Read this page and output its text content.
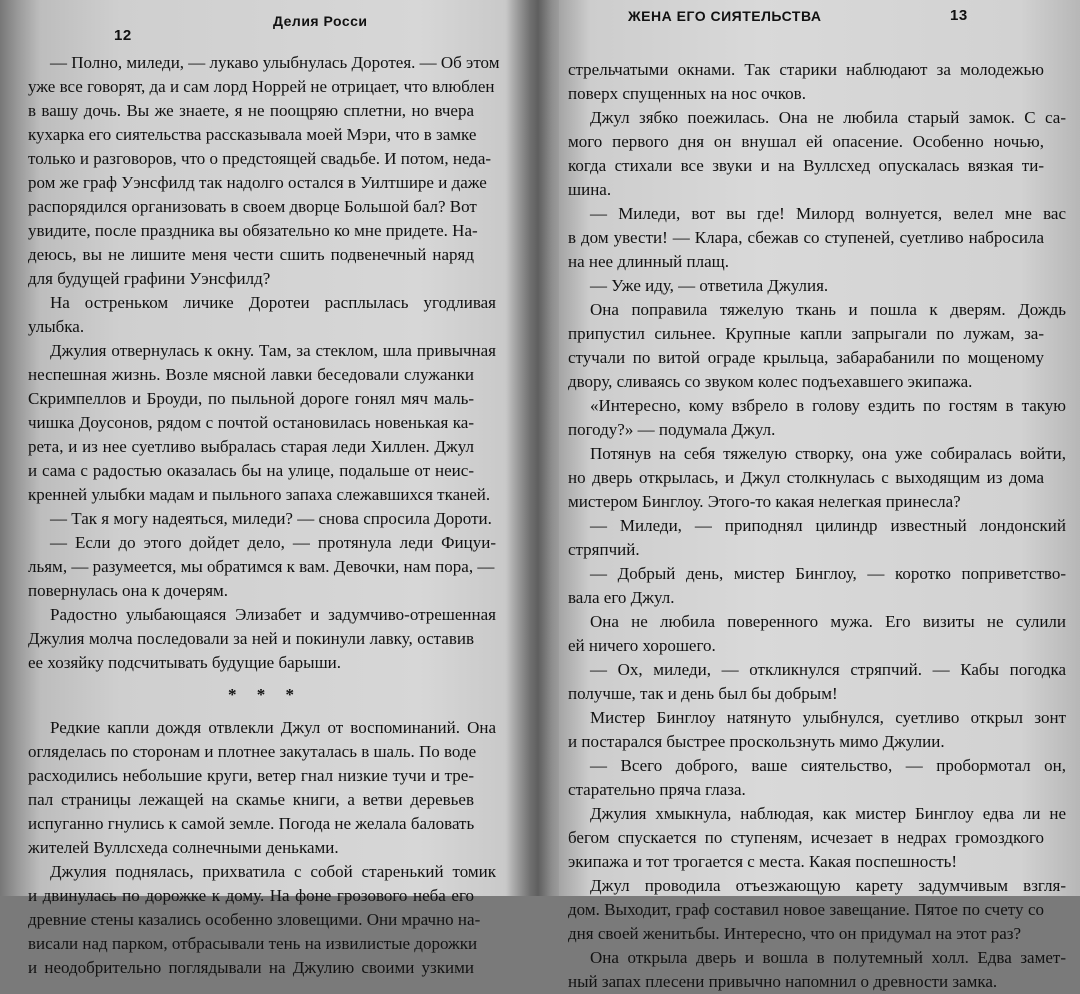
12
Делия Росси
— Полно, миледи, — лукаво улыбнулась Доротея. — Об этом
уже все говорят, да и сам лорд Норрей не отрицает, что влюблен
в вашу дочь. Вы же знаете, я не поощряю сплетни, но вчера
кухарка его сиятельства рассказывала моей Мэри, что в замке
только и разговоров, что о предстоящей свадьбе. И потом, неда-
ром же граф Уэнсфилд так надолго остался в Уилтшире и даже
распорядился организовать в своем дворце Большой бал? Вот
увидите, после праздника вы обязательно ко мне придете. На-
деюсь, вы не лишите меня чести сшить подвенечный наряд
для будущей графини Уэнсфилд?
На остреньком личике Доротеи расплылась угодливая
улыбка.
Джулия отвернулась к окну. Там, за стеклом, шла привычная
неспешная жизнь. Возле мясной лавки беседовали служанки
Скримпеллов и Броуди, по пыльной дороге гонял мяч маль-
чишка Доусонов, рядом с почтой остановилась новенькая ка-
рета, и из нее суетливо выбралась старая леди Хиллен. Джул
и сама с радостью оказалась бы на улице, подальше от неис-
кренней улыбки мадам и пыльного запаха слежавшихся тканей.
— Так я могу надеяться, миледи? — снова спросила Дороти.
— Если до этого дойдет дело, — протянула леди Фицуи-
льям, — разумеется, мы обратимся к вам. Девочки, нам пора, —
повернулась она к дочерям.
Радостно улыбающаяся Элизабет и задумчиво-отрешенная
Джулия молча последовали за ней и покинули лавку, оставив
ее хозяйку подсчитывать будущие барыши.
* * *
Редкие капли дождя отвлекли Джул от воспоминаний. Она
огляделась по сторонам и плотнее закуталась в шаль. По воде
расходились небольшие круги, ветер гнал низкие тучи и тре-
пал страницы лежащей на скамье книги, а ветви деревьев
испуганно гнулись к самой земле. Погода не желала баловать
жителей Вуллсхеда солнечными деньками.
Джулия поднялась, прихватила с собой старенький томик
и двинулась по дорожке к дому. На фоне грозового неба его
древние стены казались особенно зловещими. Они мрачно на-
висали над парком, отбрасывали тень на извилистые дорожки
и неодобрительно поглядывали на Джулию своими узкими
ЖЕНА ЕГО СИЯТЕЛЬСТВА	13
стрельчатыми окнами. Так старики наблюдают за молодежью
поверх спущенных на нос очков.
Джул зябко поежилась. Она не любила старый замок. С са-
мого первого дня он внушал ей опасение. Особенно ночью,
когда стихали все звуки и на Вуллсхед опускалась вязкая ти-
шина.
— Миледи, вот вы где! Милорд волнуется, велел мне вас
в дом увести! — Клара, сбежав со ступеней, суетливо набросила
на нее длинный плащ.
— Уже иду, — ответила Джулия.
Она поправила тяжелую ткань и пошла к дверям. Дождь
припустил сильнее. Крупные капли запрыгали по лужам, за-
стучали по витой ограде крыльца, забарабанили по мощеному
двору, сливаясь со звуком колес подъехавшего экипажа.
«Интересно, кому взбрело в голову ездить по гостям в такую
погоду?» — подумала Джул.
Потянув на себя тяжелую створку, она уже собиралась войти,
но дверь открылась, и Джул столкнулась с выходящим из дома
мистером Бинглоу. Этого-то какая нелегкая принесла?
— Миледи, — приподнял цилиндр известный лондонский
стряпчий.
— Добрый день, мистер Бинглоу, — коротко поприветство-
вала его Джул.
Она не любила поверенного мужа. Его визиты не сулили
ей ничего хорошего.
— Ох, миледи, — откликнулся стряпчий. — Кабы погодка
получше, так и день был бы добрым!
Мистер Бинглоу натянуто улыбнулся, суетливо открыл зонт
и постарался быстрее проскользнуть мимо Джулии.
— Всего доброго, ваше сиятельство, — пробормотал он,
старательно пряча глаза.
Джулия хмыкнула, наблюдая, как мистер Бинглоу едва ли не
бегом спускается по ступеням, исчезает в недрах громоздкого
экипажа и тот трогается с места. Какая поспешность!
Джул проводила отъезжающую карету задумчивым взгля-
дом. Выходит, граф составил новое завещание. Пятое по счету со
дня своей женитьбы. Интересно, что он придумал на этот раз?
Она открыла дверь и вошла в полутемный холл. Едва замет-
ный запах плесени привычно напомнил о древности замка.
